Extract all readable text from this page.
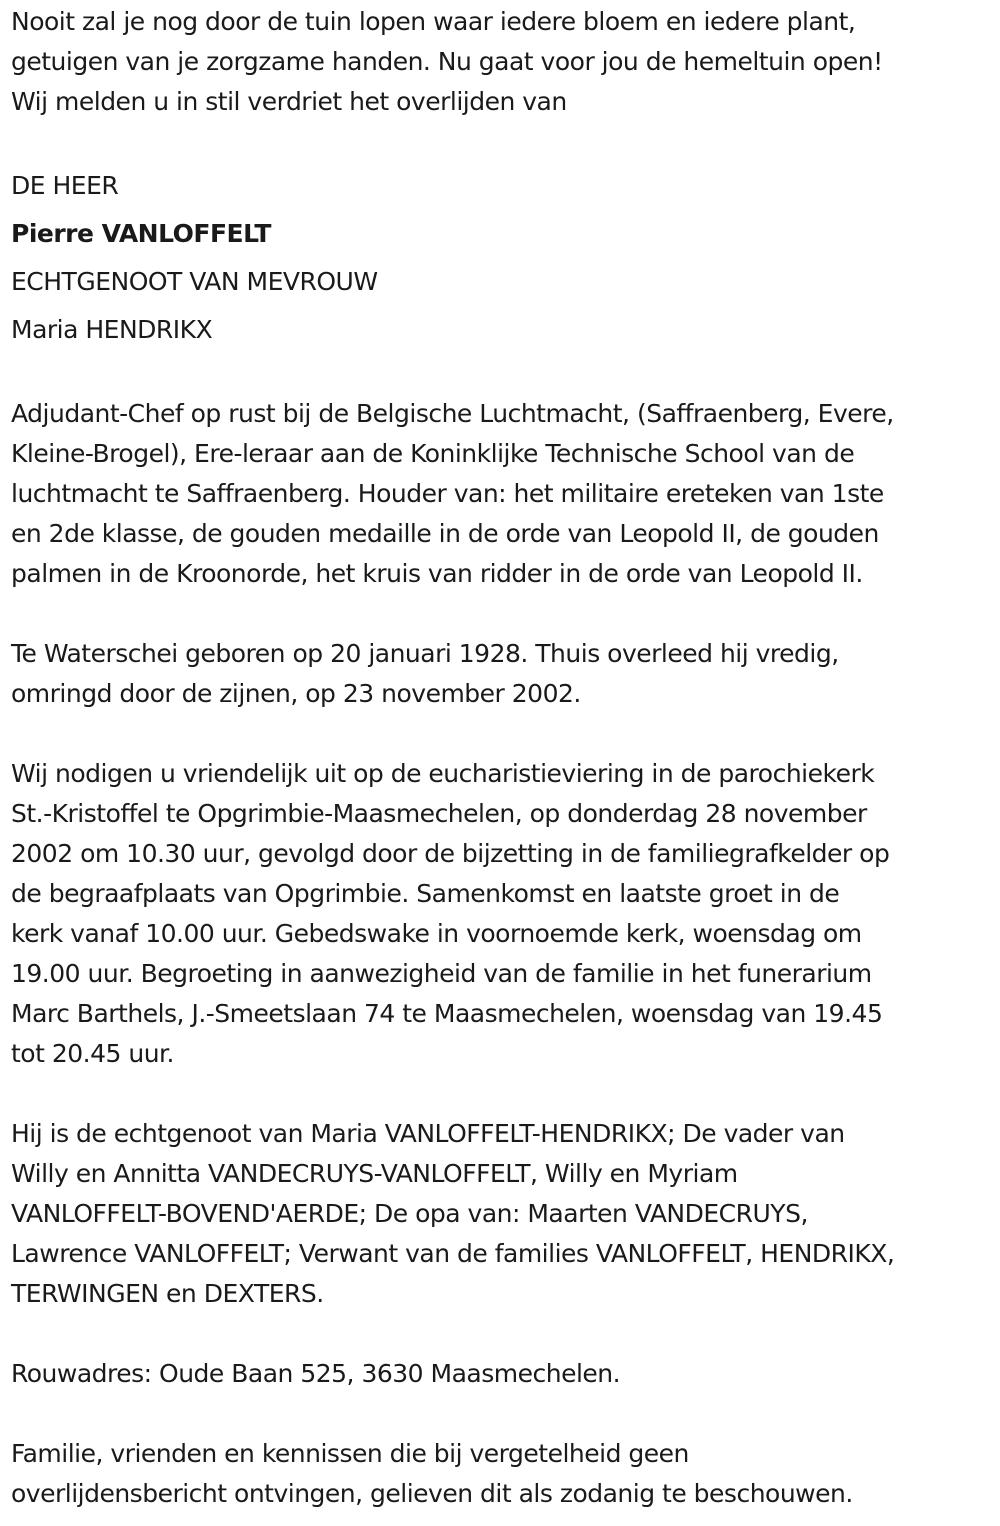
Nooit zal je nog door de tuin lopen waar iedere bloem en iedere plant,
getuigen van je zorgzame handen. Nu gaat voor jou de hemeltuin open!
Wij melden u in stil verdriet het overlijden van
DE HEER
Pierre VANLOFFELT
ECHTGENOOT VAN MEVROUW
Maria HENDRIKX
Adjudant-Chef op rust bij de Belgische Luchtmacht, (Saffraenberg, Evere,
Kleine-Brogel), Ere-leraar aan de Koninklijke Technische School van de
luchtmacht te Saffraenberg. Houder van: het militaire ereteken van 1ste
en 2de klasse, de gouden medaille in de orde van Leopold II, de gouden
palmen in de Kroonorde, het kruis van ridder in de orde van Leopold II.
Te Waterschei geboren op 20 januari 1928. Thuis overleed hij vredig,
omringd door de zijnen, op 23 november 2002.
Wij nodigen u vriendelijk uit op de eucharistieviering in de parochiekerk
St.-Kristoffel te Opgrimbie-Maasmechelen, op donderdag 28 november
2002 om 10.30 uur, gevolgd door de bijzetting in de familiegrafkelder op
de begraafplaats van Opgrimbie. Samenkomst en laatste groet in de
kerk vanaf 10.00 uur. Gebedswake in voornoemde kerk, woensdag om
19.00 uur. Begroeting in aanwezigheid van de familie in het funerarium
Marc Barthels, J.-Smeetslaan 74 te Maasmechelen, woensdag van 19.45
tot 20.45 uur.
Hij is de echtgenoot van Maria VANLOFFELT-HENDRIKX; De vader van
Willy en Annitta VANDECRUYS-VANLOFFELT, Willy en Myriam
VANLOFFELT-BOVEND'AERDE; De opa van: Maarten VANDECRUYS,
Lawrence VANLOFFELT; Verwant van de families VANLOFFELT, HENDRIKX,
TERWINGEN en DEXTERS.
Rouwadres: Oude Baan 525, 3630 Maasmechelen.
Familie, vrienden en kennissen die bij vergetelheid geen
overlijdensbericht ontvingen, gelieven dit als zodanig te beschouwen.
